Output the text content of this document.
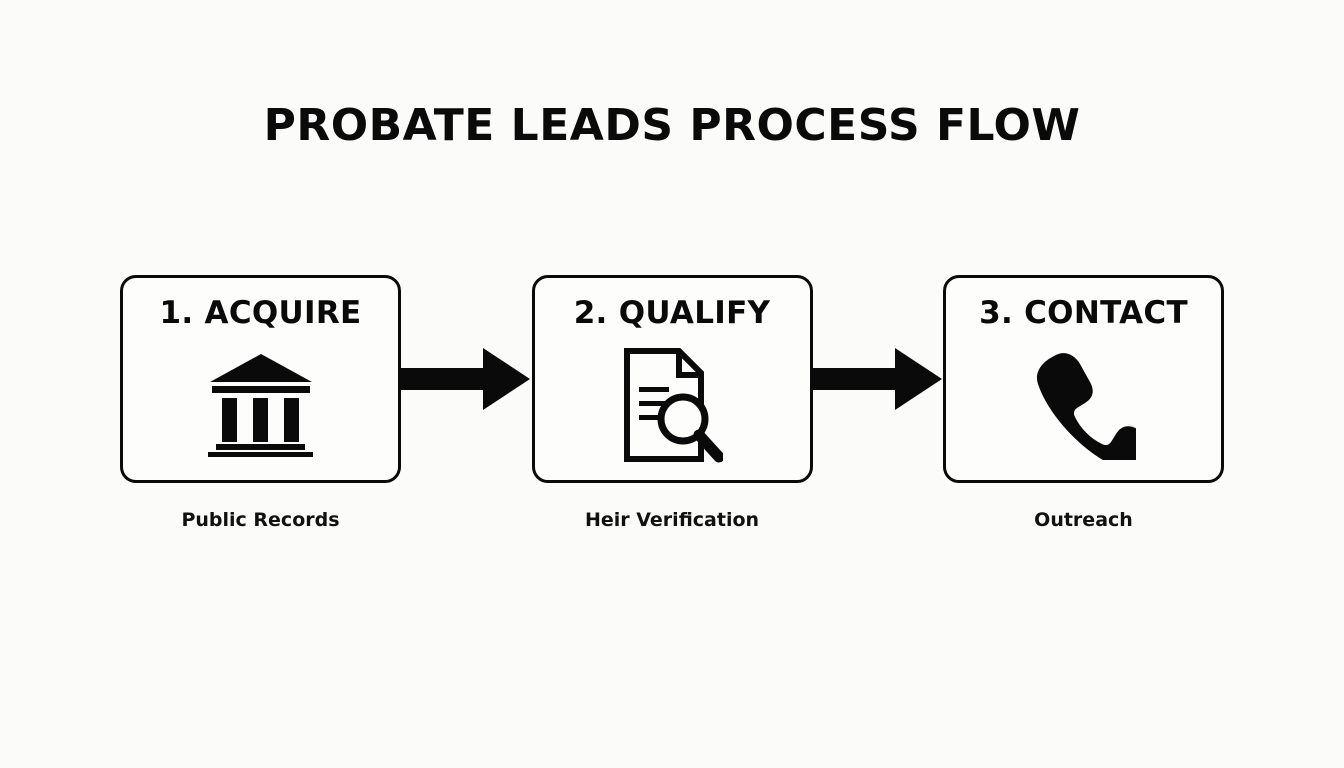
PROBATE LEADS PROCESS FLOW
1. ACQUIRE
Public Records
2. QUALIFY
Heir Verification
3. CONTACT
Outreach
